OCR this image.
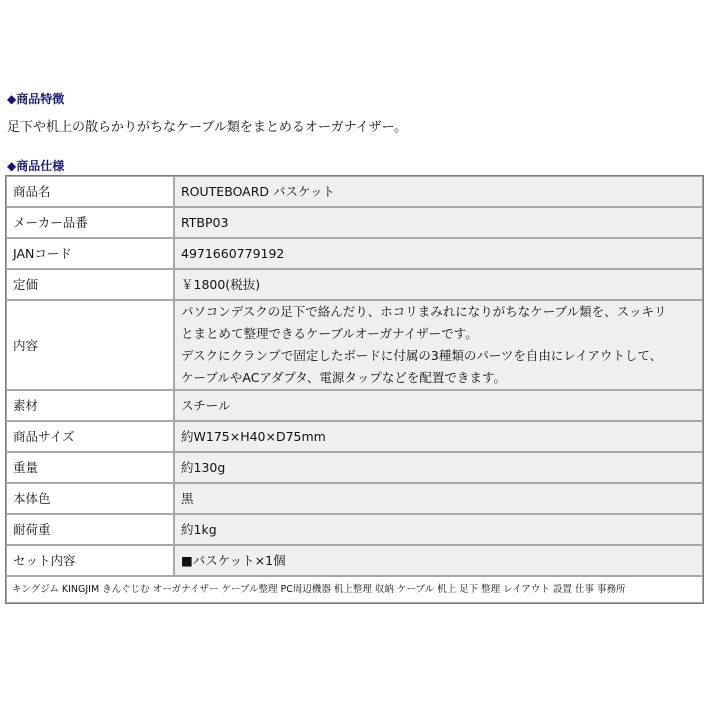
◆商品特徴
足下や机上の散らかりがちなケーブル類をまとめるオーガナイザー。
◆商品仕様
商品名	ROUTEBOARD バスケット
メーカー品番	RTBP03
JANコード	4971660779192
定価	￥1800(税抜)
内容	パソコンデスクの足下で絡んだり、ホコリまみれになりがちなケーブル類を、スッキリ
とまとめて整理できるケーブルオーガナイザーです。
デスクにクランプで固定したボードに付属の3種類のパーツを自由にレイアウトして、
ケーブルやACアダプタ、電源タップなどを配置できます。

素材	スチール
商品サイズ	約W175×H40×D75mm
重量	約130g
本体色	黒
耐荷重	約1kg
セット内容	■バスケット×1個
キングジム KINGJIM きんぐじむ オーガナイザー ケーブル整理 PC周辺機器 机上整理 収納 ケーブル 机上 足下 整理 レイアウト 設置 仕事 事務所	
